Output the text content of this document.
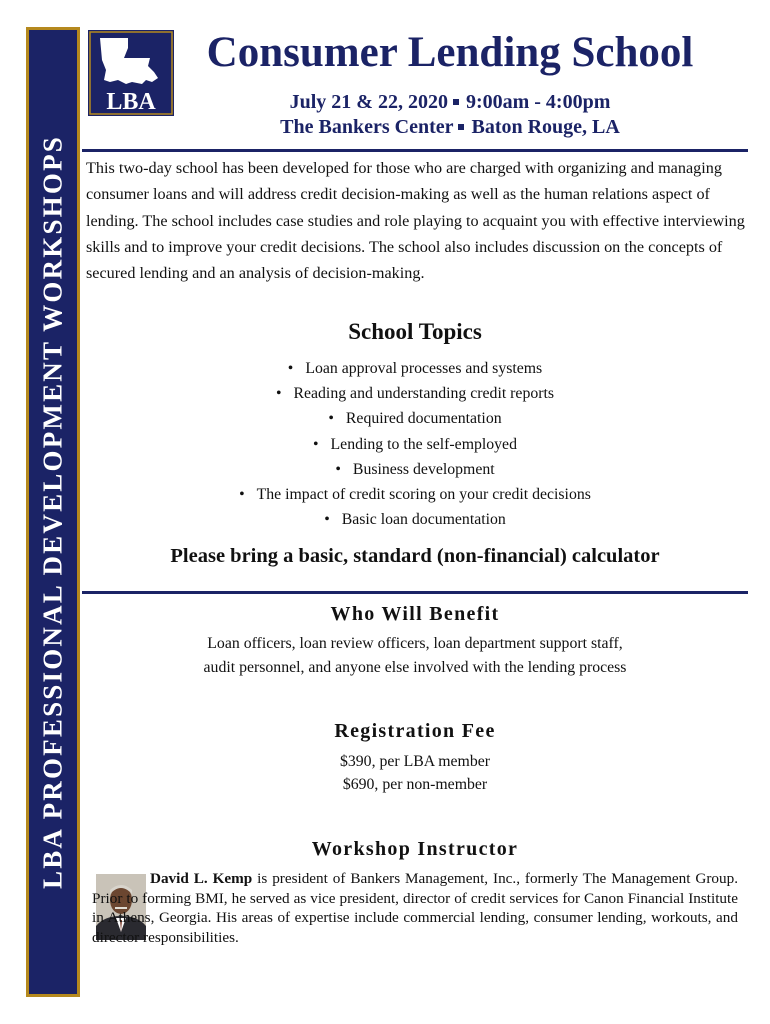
LBA PROFESSIONAL DEVELOPMENT WORKSHOPS
LBA
Consumer Lending School
July 21 & 22, 2020 9:00am - 4:00pm
The Bankers Center Baton Rouge, LA
This two-day school has been developed for those who are charged with organizing and managing consumer loans and will address credit decision-making as well as the human relations aspect of lending. The school includes case studies and role playing to acquaint you with effective interviewing skills and to improve your credit decisions. The school also includes discussion on the concepts of secured lending and an analysis of decision-making.
School Topics
• Loan approval processes and systems
• Reading and understanding credit reports
• Required documentation
• Lending to the self-employed
• Business development
• The impact of credit scoring on your credit decisions
• Basic loan documentation
Please bring a basic, standard (non-financial) calculator
Who Will Benefit
Loan officers, loan review officers, loan department support staff,
audit personnel, and anyone else involved with the lending process
Registration Fee
$390, per LBA member
$690, per non-member
Workshop Instructor
David L. Kemp is president of Bankers Management, Inc., formerly The Management Group. Prior to forming BMI, he served as vice president, director of credit services for Canon Financial Institute in Athens, Georgia. His areas of expertise include commercial lending, consumer lending, workouts, and director responsibilities.
